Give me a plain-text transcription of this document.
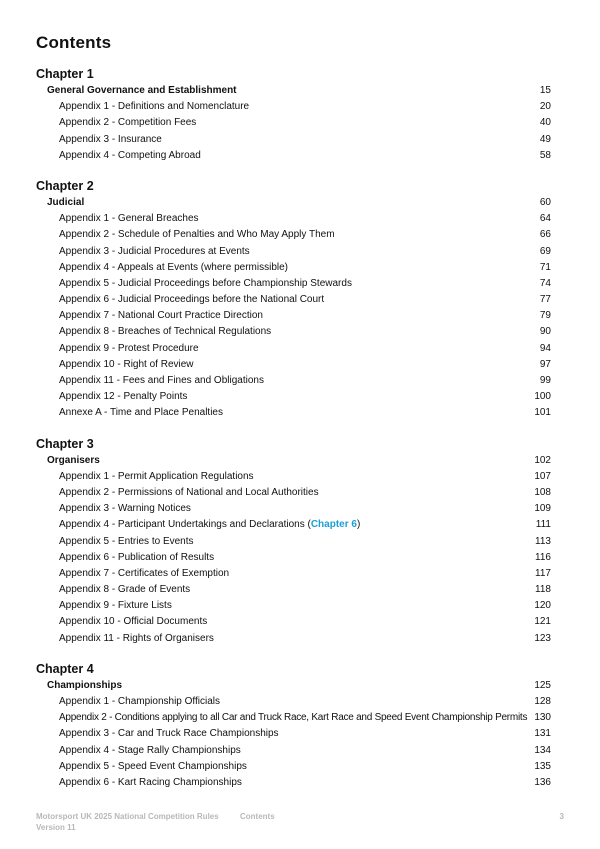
Contents
Chapter 1
General Governance and Establishment	15
Appendix 1 - Definitions and Nomenclature	20
Appendix 2 - Competition Fees	40
Appendix 3 - Insurance	49
Appendix 4 - Competing Abroad	58
Chapter 2
Judicial	60
Appendix 1 - General Breaches	64
Appendix 2 - Schedule of Penalties and Who May Apply Them	66
Appendix 3 - Judicial Procedures at Events	69
Appendix 4 - Appeals at Events (where permissible)	71
Appendix 5 - Judicial Proceedings before Championship Stewards	74
Appendix 6 - Judicial Proceedings before the National Court	77
Appendix 7 - National Court Practice Direction	79
Appendix 8 - Breaches of Technical Regulations	90
Appendix 9 - Protest Procedure	94
Appendix 10 - Right of Review	97
Appendix 11 - Fees and Fines and Obligations	99
Appendix 12 - Penalty Points	100
Annexe A - Time and Place Penalties	101
Chapter 3
Organisers	102
Appendix 1 - Permit Application Regulations	107
Appendix 2 - Permissions of National and Local Authorities	108
Appendix 3 - Warning Notices	109
Appendix 4 - Participant Undertakings and Declarations (Chapter 6)	111
Appendix 5 - Entries to Events	113
Appendix 6 - Publication of Results	116
Appendix 7 - Certificates of Exemption	117
Appendix 8 - Grade of Events	118
Appendix 9 - Fixture Lists	120
Appendix 10 - Official Documents	121
Appendix 11 - Rights of Organisers	123
Chapter 4
Championships	125
Appendix 1 - Championship Officials	128
Appendix 2 - Conditions applying to all Car and Truck Race, Kart Race and Speed Event Championship Permits 130
Appendix 3 - Car and Truck Race Championships	131
Appendix 4 - Stage Rally Championships	134
Appendix 5 - Speed Event Championships	135
Appendix 6 - Kart Racing Championships	136
Motorsport UK 2025 National Competition Rules	Contents
Version 11
3
